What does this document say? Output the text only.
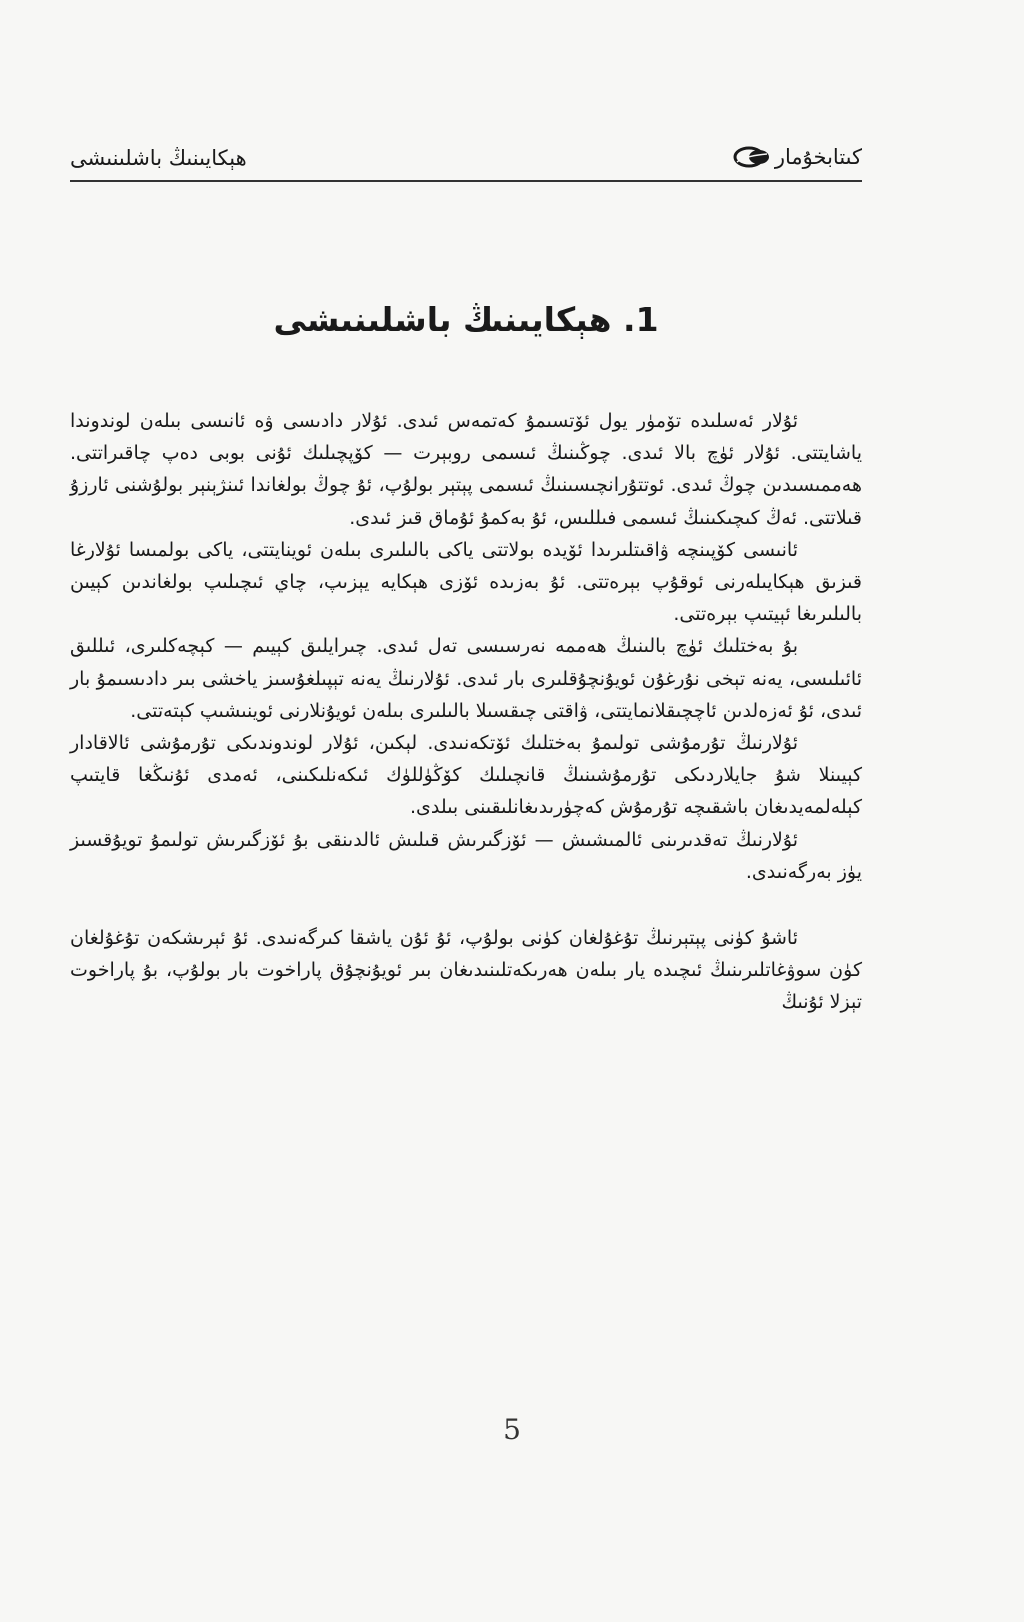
ھېكايىنىڭ باشلىنىشى	كىتابخۇمار
1. ھېكايىنىڭ باشلىنىشى

ئۇلار ئەسلىدە تۆمۈر يول ئۆتسىمۇ كەتمەس ئىدى. ئۇلار دادىسى ۋە ئانىسى بىلەن لوندوندا ياشايتتى. ئۇلار ئۈچ بالا ئىدى. چوڭىنىڭ ئىسمى روبېرت — كۆپچىلىك ئۇنى بوبى دەپ چاقىراتتى. ھەممىسىدىن چوڭ ئىدى. ئوتتۇرانچىسىنىڭ ئىسمى پېتېر بولۇپ، ئۇ چوڭ بولغاندا ئىنژېنېر بولۇشنى ئارزۇ قىلاتتى. ئەڭ كىچىكىنىڭ ئىسمى فىللىس، ئۇ بەكمۇ ئۇماق قىز ئىدى.

ئانىسى كۆپىنچە ۋاقىتلىرىدا ئۆيدە بولاتتى ياكى بالىلىرى بىلەن ئوينايتتى، ياكى بولمىسا ئۇلارغا قىزىق ھېكايىلەرنى ئوقۇپ بېرەتتى. ئۇ بەزىدە ئۆزى ھېكايە يېزىپ، چاي ئىچىلىپ بولغاندىن كېيىن بالىلىرىغا ئېيتىپ بېرەتتى.

بۇ بەختلىك ئۈچ بالىنىڭ ھەممە نەرسىسى تەل ئىدى. چىرايلىق كېيىم — كېچەكلىرى، ئىللىق ئائىلىسى، يەنە تېخى نۇرغۇن ئويۇنچۇقلىرى بار ئىدى. ئۇلارنىڭ يەنە تېپىلغۇسىز ياخشى بىر دادىسىمۇ بار ئىدى، ئۇ ئەزەلدىن ئاچچىقلانمايتتى، ۋاقتى چىقسىلا بالىلىرى بىلەن ئويۇنلارنى ئوينىشىپ كېتەتتى.

ئۇلارنىڭ تۇرمۇشى تولىمۇ بەختلىك ئۆتكەنىدى. لېكىن، ئۇلار لوندوندىكى تۇرمۇشى ئالاقادار كېيىنلا شۇ جايلاردىكى تۇرمۇشىنىڭ قانچىلىك كۆڭۈللۈك ئىكەنلىكىنى، ئەمدى ئۇنىڭغا قايتىپ كېلەلمەيدىغان باشقىچە تۇرمۇش كەچۈرىدىغانلىقىنى بىلدى.

ئۇلارنىڭ تەقدىرىنى ئالمىشىش — ئۆزگىرىش قىلىش ئالدىنقى بۇ ئۆزگىرىش تولىمۇ تويۇقسىز يۈز بەرگەنىدى.

ئاشۇ كۈنى پېتېرنىڭ تۇغۇلغان كۈنى بولۇپ، ئۇ ئۇن ياشقا كىرگەنىدى. ئۇ ئېرىشكەن تۇغۇلغان كۈن سوۋغاتلىرىنىڭ ئىچىدە يار بىلەن ھەرىكەتلىنىدىغان بىر ئويۇنچۇق پاراخوت بار بولۇپ، بۇ پاراخوت تېزلا ئۇنىڭ

5
